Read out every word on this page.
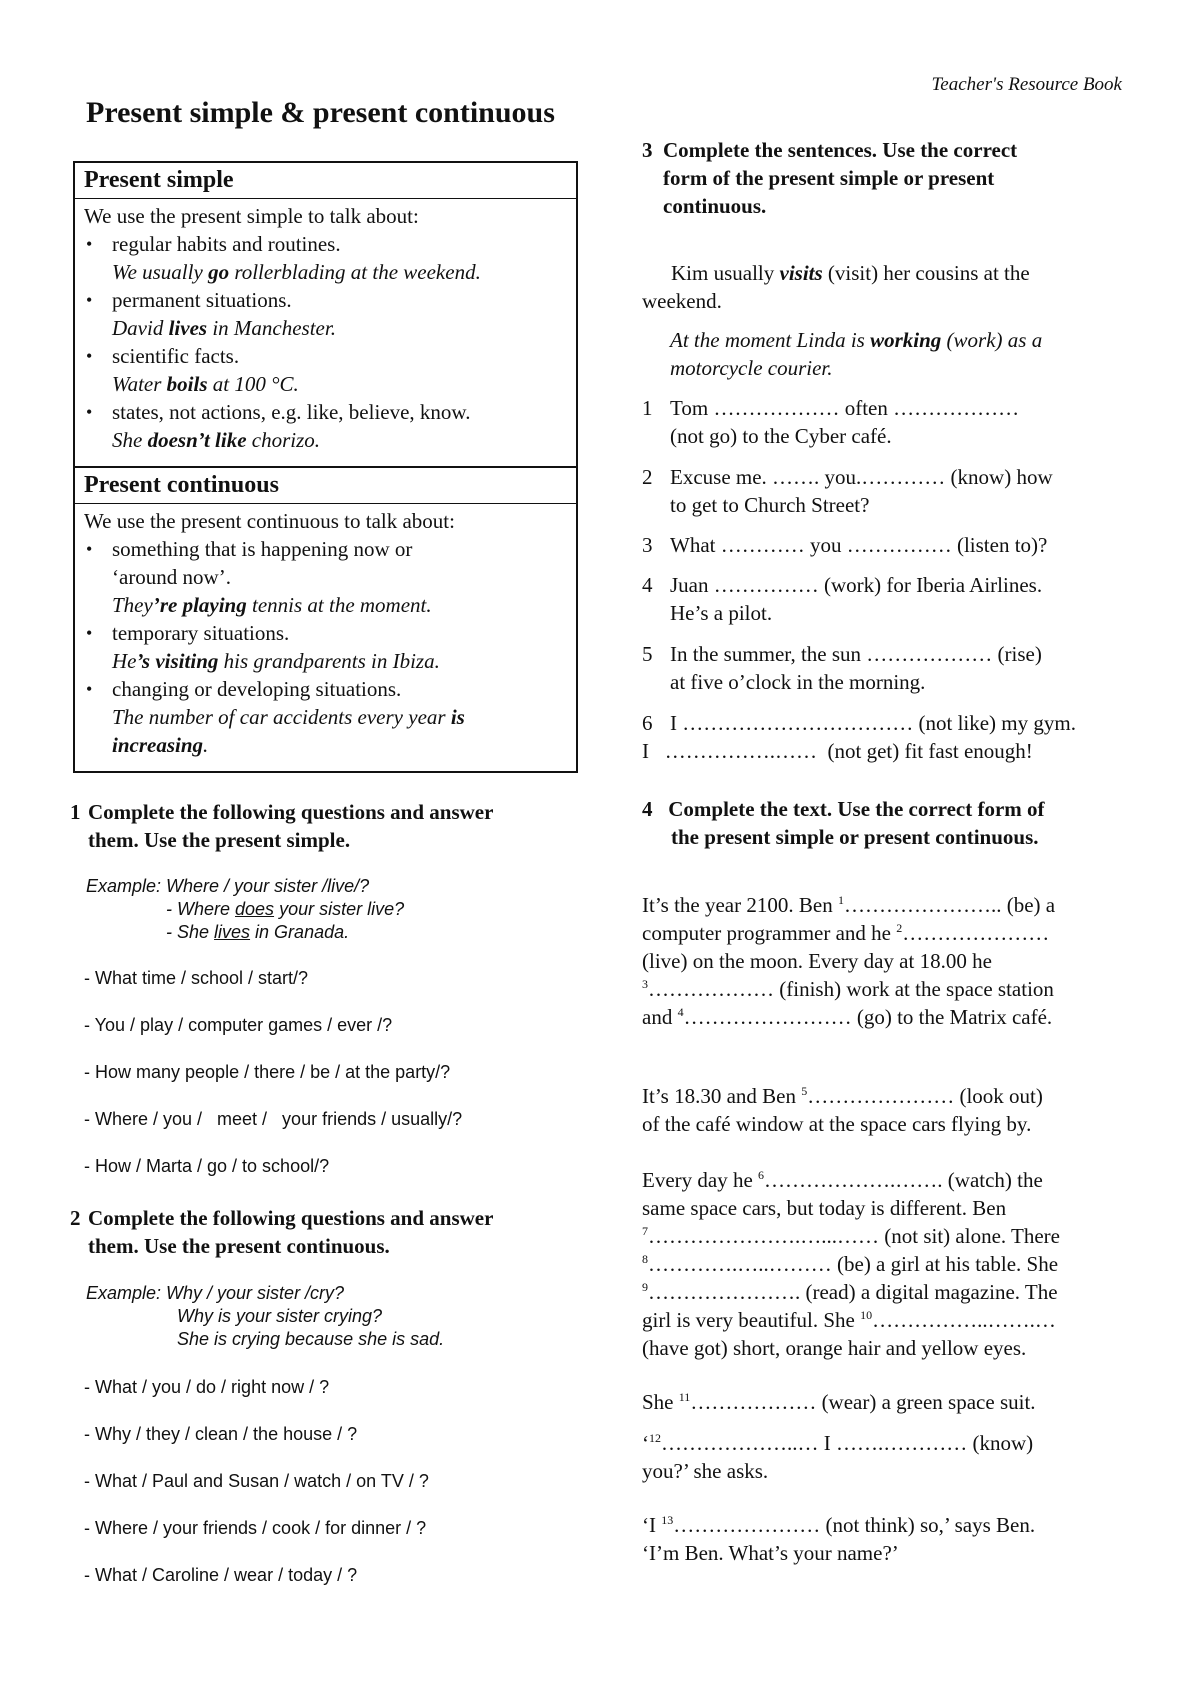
Teacher's Resource Book
Present simple & present continuous
Present simple
We use the present simple to talk about:
• regular habits and routines.
We usually go rollerblading at the weekend.
• permanent situations.
David lives in Manchester.
• scientific facts.
Water boils at 100 °C.
• states, not actions, e.g. like, believe, know.
She doesn’t like chorizo.
Present continuous
We use the present continuous to talk about:
• something that is happening now or ‘around now’.
They’re playing tennis at the moment.
• temporary situations.
He’s visiting his grandparents in Ibiza.
• changing or developing situations.
The number of car accidents every year is increasing.
1 Complete the following questions and answer
them. Use the present simple.
Example: Where / your sister /live/?
- Where does your sister live?
- She lives in Granada.
- What time / school / start/?
- You / play / computer games / ever /?
- How many people / there / be / at the party/?
- Where / you /   meet /   your friends / usually/?
- How / Marta / go / to school/?
2 Complete the following questions and answer
them. Use the present continuous.
Example: Why / your sister /cry?
Why is your sister crying?
She is crying because she is sad.
- What / you / do / right now / ?
- Why / they / clean / the house / ?
- What / Paul and Susan / watch / on TV / ?
- Where / your friends / cook / for dinner / ?
- What / Caroline / wear / today / ?
3 Complete the sentences. Use the correct
form of the present simple or present
continuous.
Kim usually visits (visit) her cousins at the
weekend.
At the moment Linda is working (work) as a
motorcycle courier.
1 Tom ……………… often ………………
(not go) to the Cyber café.
2 Excuse me. ……. you.………… (know) how
to get to Church Street?
3 What ………… you …………… (listen to)?
4 Juan …………… (work) for Iberia Airlines.
He’s a pilot.
5 In the summer, the sun ……………… (rise)
at five o’clock in the morning.
6 I …………………………… (not like) my gym.
I   …………….……  (not get) fit fast enough!
4 Complete the text. Use the correct form of
the present simple or present continuous.
It’s the year 2100. Ben $^1$………………….. (be) a
computer programmer and he $^2$…………………
(live) on the moon. Every day at 18.00 he
$^3$……………… (finish) work at the space station
and $^4$…………………… (go) to the Matrix café.
It’s 18.30 and Ben $^5$………………… (look out)
of the café window at the space cars flying by.
Every day he $^6$……………….……. (watch) the
same space cars, but today is different. Ben
$^7$………………….…...…… (not sit) alone. There
$^8$………….…..……… (be) a girl at his table. She
$^9$…………………. (read) a digital magazine. The
girl is very beautiful. She $^{10}$……………..…….…
(have got) short, orange hair and yellow eyes.
She $^{11}$……………… (wear) a green space suit.
‘$^{12}$………………..… I …….………… (know)
you?’ she asks.
‘I $^{13}$………………… (not think) so,’ says Ben.
‘I’m Ben. What’s your name?’
